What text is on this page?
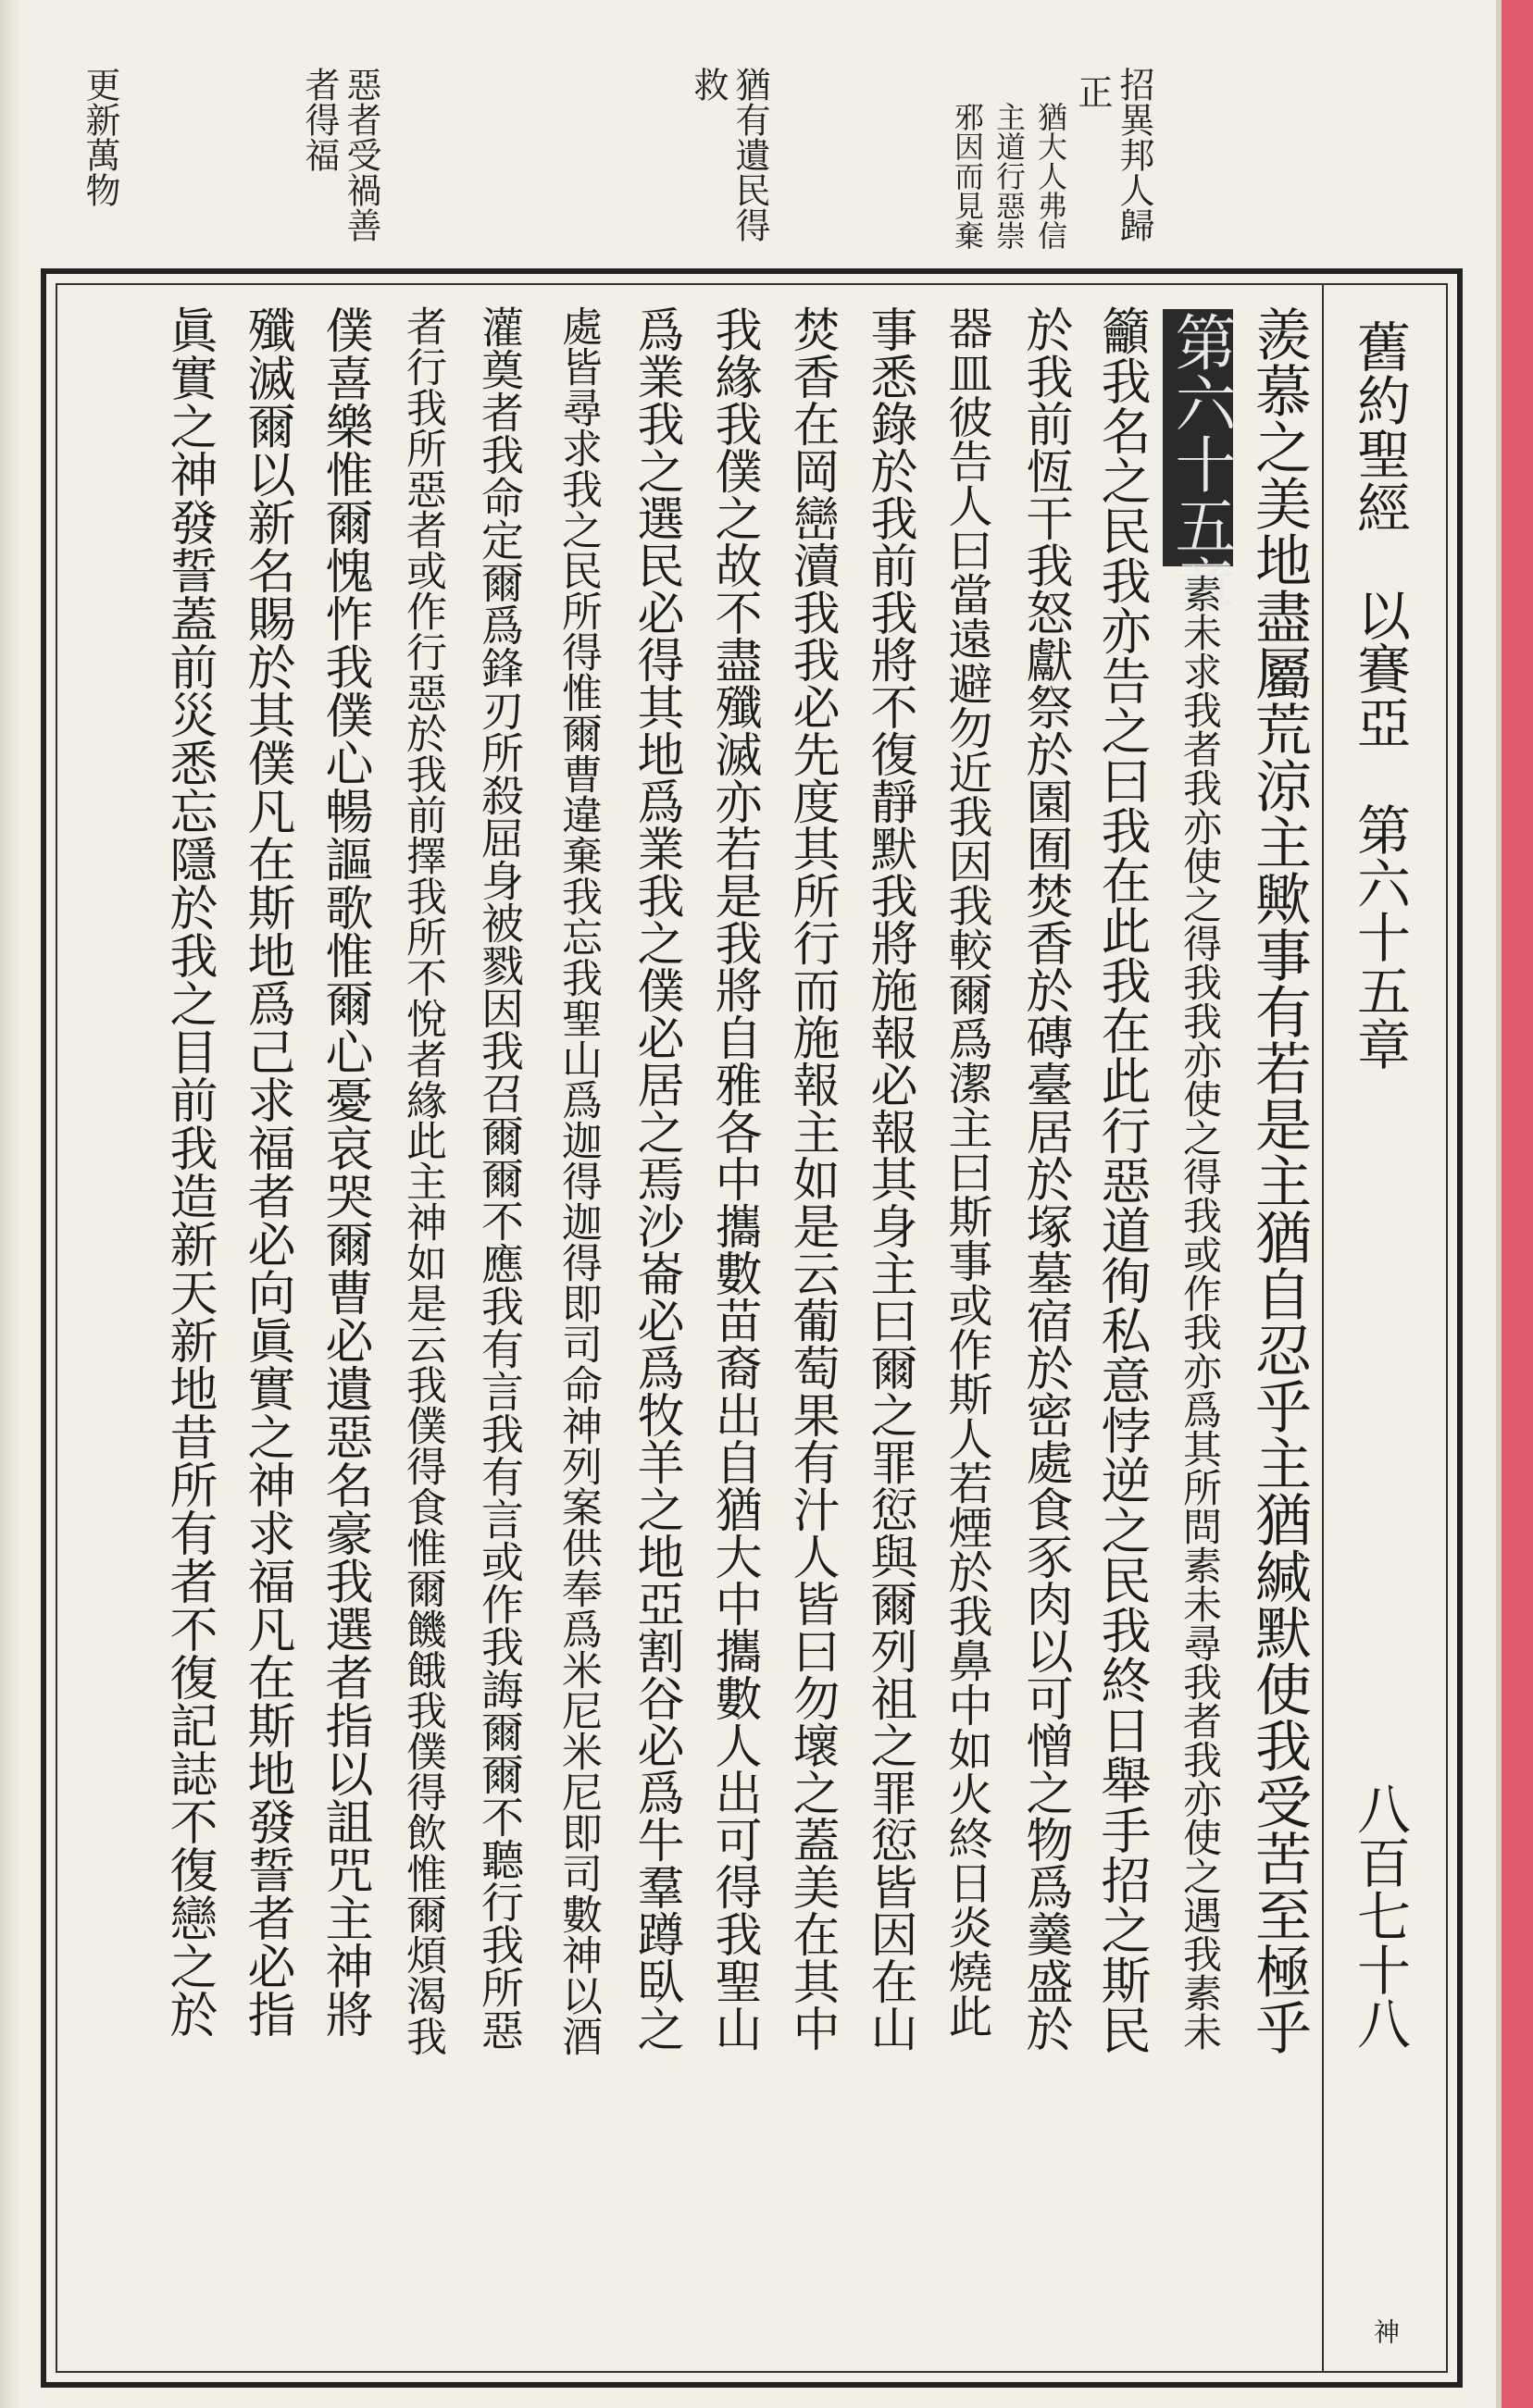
招異邦人歸
正
猶大人弗信
主道行惡崇
邪因而見棄
猶有遺民得
救
惡者受禍善
者得福
更新萬物
舊約聖經　以賽亞　第六十五章
八百七十八
神
第六十五章 羨慕之美地盡屬荒涼主歟事有若是主猶自忍乎主猶緘默使我受苦至極乎
素未求我者我亦使之得我我亦使之得我或作我亦爲其所問素未尋我者我亦使之遇我素未
籲我名之民我亦告之曰我在此我在此行惡道徇私意悖逆之民我終日舉手招之斯民
於我前恆干我怒獻祭於園囿焚香於磚臺居於塚墓宿於密處食豕肉以可憎之物爲羹盛於
器皿彼告人曰當遠避勿近我因我較爾爲潔主曰斯事或作斯人若煙於我鼻中如火終日炎燒此
事悉錄於我前我將不復靜默我將施報必報其身主曰爾之罪愆與爾列祖之罪愆皆因在山
焚香在岡巒瀆我我必先度其所行而施報主如是云葡萄果有汁人皆曰勿壞之蓋美在其中
我緣我僕之故不盡殲滅亦若是我將自雅各中攜數苗裔出自猶大中攜數人出可得我聖山
爲業我之選民必得其地爲業我之僕必居之焉沙崙必爲牧羊之地亞割谷必爲牛羣蹲臥之
處皆尋求我之民所得惟爾曹違棄我忘我聖山爲迦得迦得即司命神列案供奉爲米尼米尼即司數神以酒
灌奠者我命定爾爲鋒刃所殺屈身被戮因我召爾爾不應我有言我有言或作我誨爾爾不聽行我所惡
者行我所惡者或作行惡於我前擇我所不悅者緣此主神如是云我僕得食惟爾饑餓我僕得飲惟爾煩渴我
僕喜樂惟爾愧怍我僕心暢謳歌惟爾心憂哀哭爾曹必遺惡名豪我選者指以詛咒主神將
殲滅爾以新名賜於其僕凡在斯地爲己求福者必向眞實之神求福凡在斯地發誓者必指
眞實之神發誓蓋前災悉忘隱於我之目前我造新天新地昔所有者不復記誌不復戀之於
